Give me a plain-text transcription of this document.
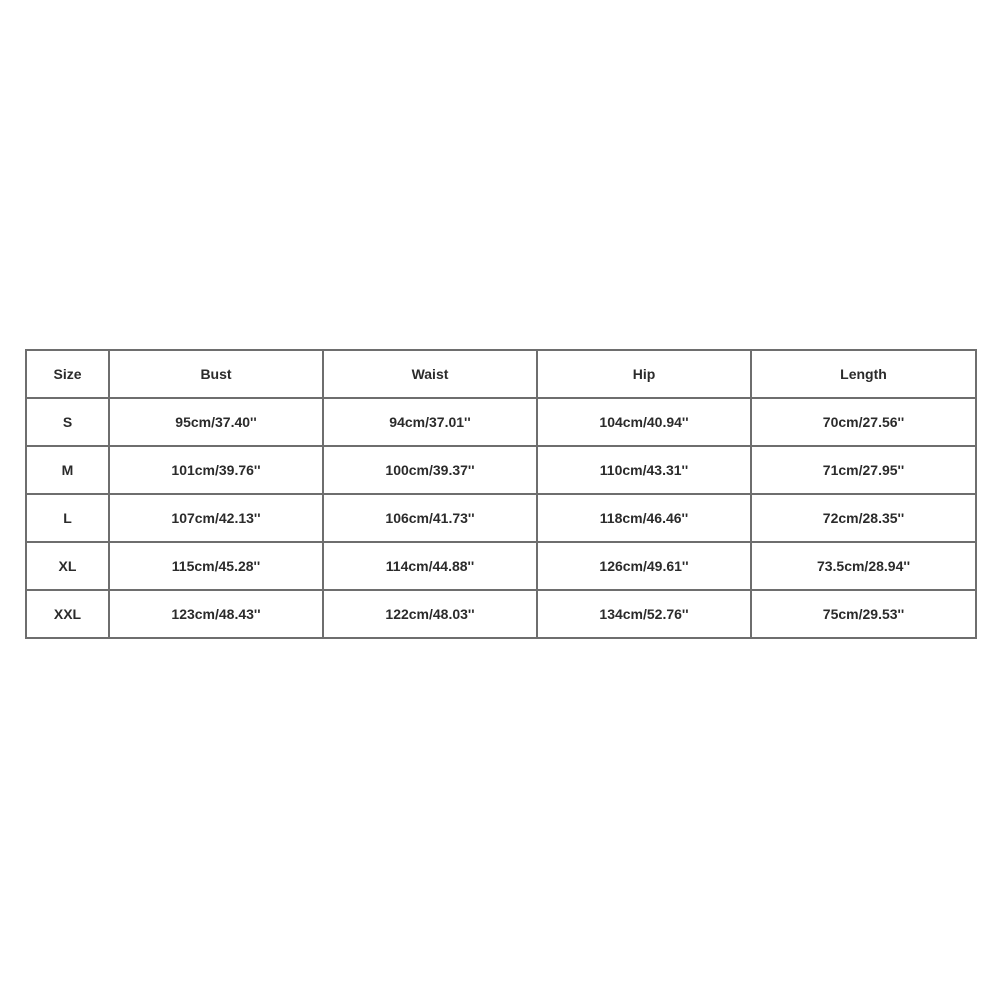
Size	Bust	Waist	Hip	Length
S	95cm/37.40''	94cm/37.01''	104cm/40.94''	70cm/27.56''
M	101cm/39.76''	100cm/39.37''	110cm/43.31''	71cm/27.95''
L	107cm/42.13''	106cm/41.73''	118cm/46.46''	72cm/28.35''
XL	115cm/45.28''	114cm/44.88''	126cm/49.61''	73.5cm/28.94''
XXL	123cm/48.43''	122cm/48.03''	134cm/52.76''	75cm/29.53''
